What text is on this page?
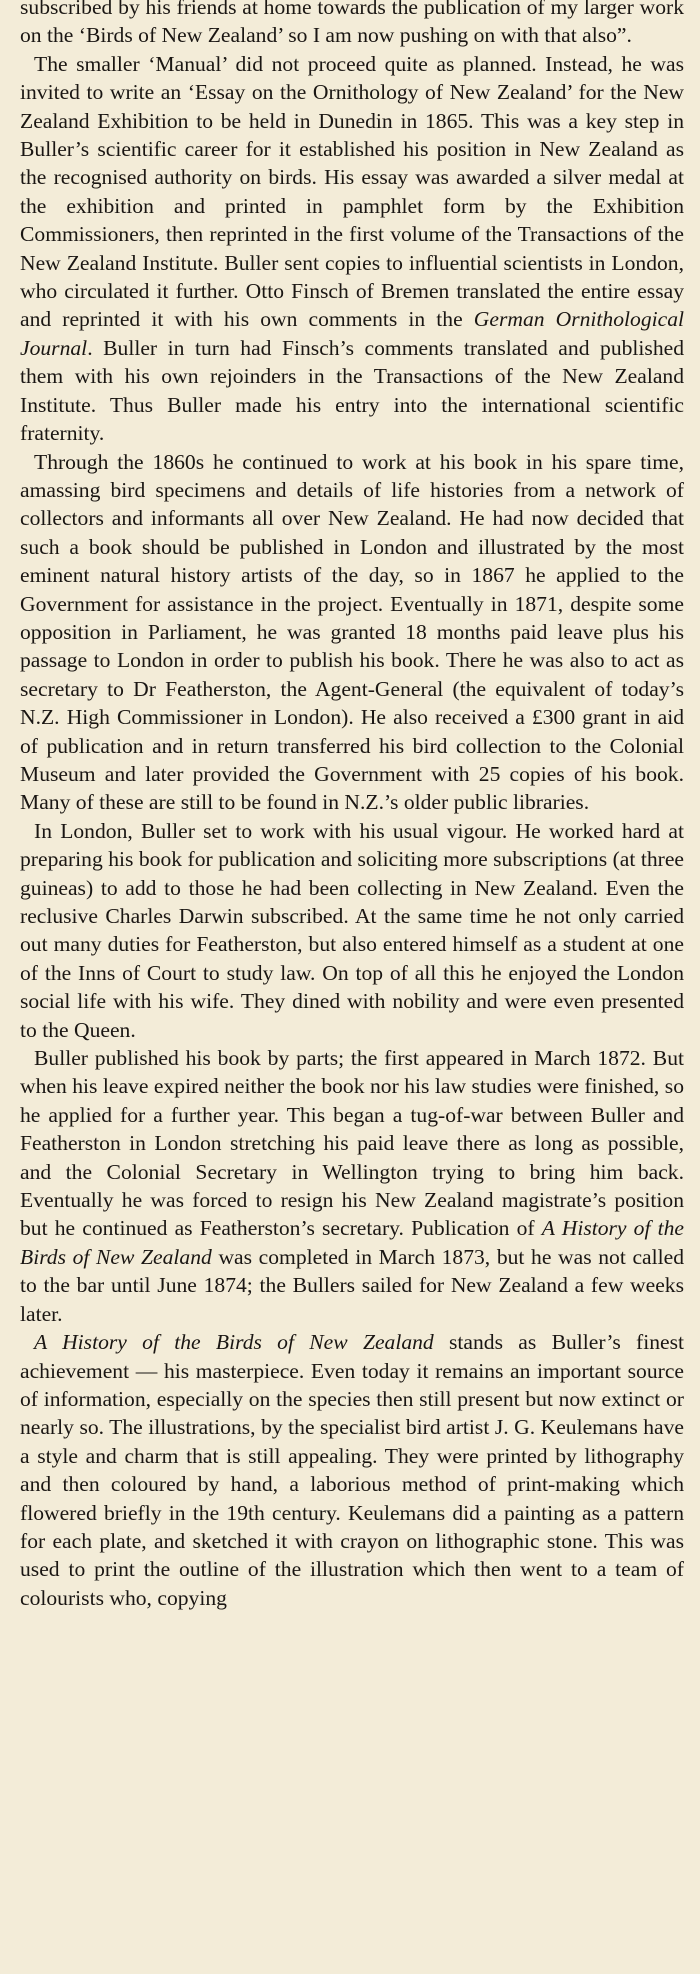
subscribed by his friends at home towards the publication of my larger work on the ‘Birds of New Zealand’ so I am now pushing on with that also”.

The smaller ‘Manual’ did not proceed quite as planned. Instead, he was invited to write an ‘Essay on the Ornithology of New Zealand’ for the New Zealand Exhibition to be held in Dunedin in 1865. This was a key step in Buller’s scientific career for it established his position in New Zealand as the recognised authority on birds. His essay was awarded a silver medal at the exhibition and printed in pamphlet form by the Exhibition Commissioners, then reprinted in the first volume of the Transactions of the New Zealand Institute. Buller sent copies to influential scientists in London, who circulated it further. Otto Finsch of Bremen translated the entire essay and reprinted it with his own comments in the German Ornithological Journal. Buller in turn had Finsch’s comments translated and published them with his own rejoinders in the Transactions of the New Zealand Institute. Thus Buller made his entry into the international scientific fraternity.

Through the 1860s he continued to work at his book in his spare time, amassing bird specimens and details of life histories from a network of collectors and informants all over New Zealand. He had now decided that such a book should be published in London and illustrated by the most eminent natural history artists of the day, so in 1867 he applied to the Government for assistance in the project. Eventually in 1871, despite some opposition in Parliament, he was granted 18 months paid leave plus his passage to London in order to publish his book. There he was also to act as secretary to Dr Featherston, the Agent-General (the equivalent of today’s N.Z. High Commissioner in London). He also received a £300 grant in aid of publication and in return transferred his bird collection to the Colonial Museum and later provided the Government with 25 copies of his book. Many of these are still to be found in N.Z.’s older public libraries.

In London, Buller set to work with his usual vigour. He worked hard at preparing his book for publication and soliciting more subscriptions (at three guineas) to add to those he had been collecting in New Zealand. Even the reclusive Charles Darwin subscribed. At the same time he not only carried out many duties for Featherston, but also entered himself as a student at one of the Inns of Court to study law. On top of all this he enjoyed the London social life with his wife. They dined with nobility and were even presented to the Queen.

Buller published his book by parts; the first appeared in March 1872. But when his leave expired neither the book nor his law studies were finished, so he applied for a further year. This began a tug-of-war between Buller and Featherston in London stretching his paid leave there as long as possible, and the Colonial Secretary in Wellington trying to bring him back. Eventually he was forced to resign his New Zealand magistrate’s position but he continued as Featherston’s secretary. Publication of A History of the Birds of New Zealand was completed in March 1873, but he was not called to the bar until June 1874; the Bullers sailed for New Zealand a few weeks later.

A History of the Birds of New Zealand stands as Buller’s finest achievement — his masterpiece. Even today it remains an important source of information, especially on the species then still present but now extinct or nearly so. The illustrations, by the specialist bird artist J. G. Keulemans have a style and charm that is still appealing. They were printed by lithography and then coloured by hand, a laborious method of print-making which flowered briefly in the 19th century. Keulemans did a painting as a pattern for each plate, and sketched it with crayon on lithographic stone. This was used to print the outline of the illustration which then went to a team of colourists who, copying
